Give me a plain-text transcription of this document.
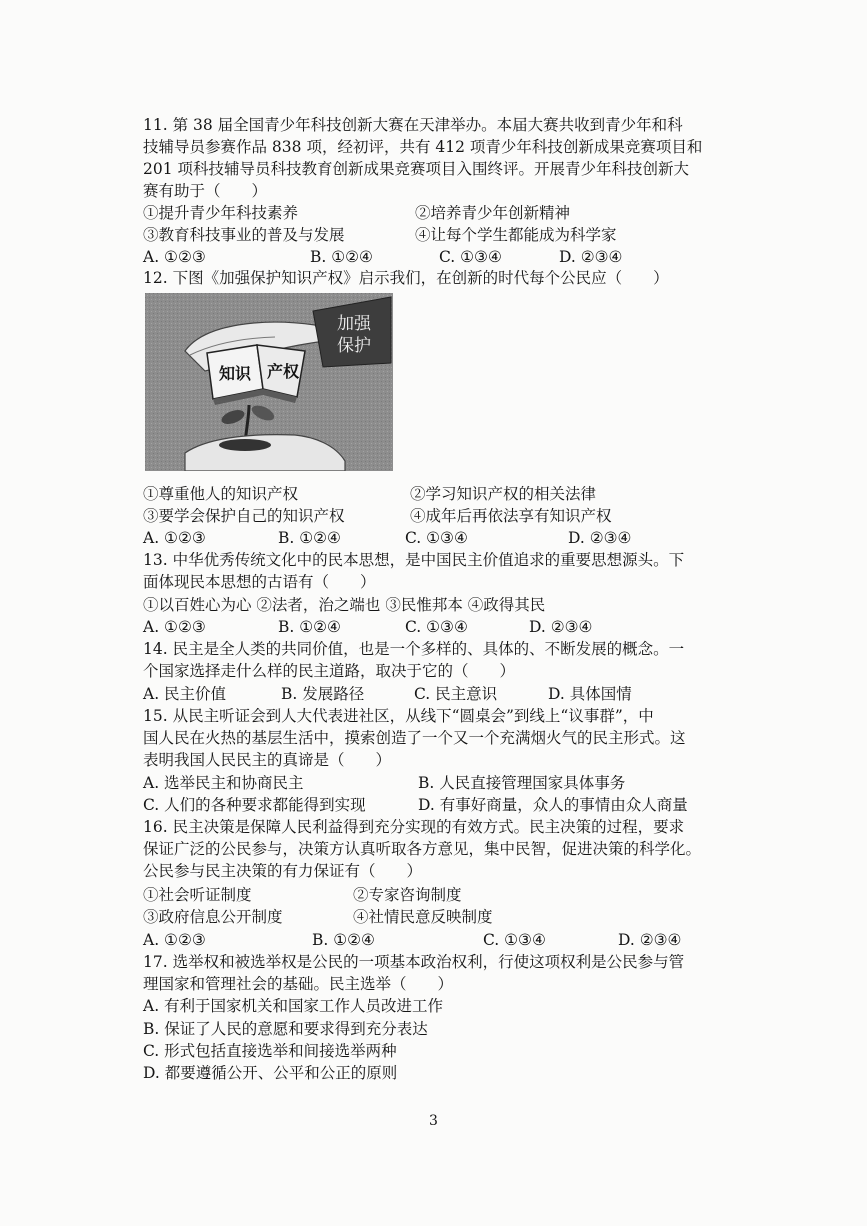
11. 第 38 届全国青少年科技创新大赛在天津举办。本届大赛共收到青少年和科
技辅导员参赛作品 838 项，经初评，共有 412 项青少年科技创新成果竞赛项目和
201 项科技辅导员科技教育创新成果竞赛项目入围终评。开展青少年科技创新大
赛有助于（　　）
①提升青少年科技素养	②培养青少年创新精神
③教育科技事业的普及与发展	④让每个学生都能成为科学家
A. ①②③	B. ①②④	C. ①③④	D. ②③④
12. 下图《加强保护知识产权》启示我们，在创新的时代每个公民应（　　）
加强
保护
知识 产权
①尊重他人的知识产权	②学习知识产权的相关法律
③要学会保护自己的知识产权	④成年后再依法享有知识产权
A. ①②③	B. ①②④	C. ①③④	D. ②③④
13. 中华优秀传统文化中的民本思想，是中国民主价值追求的重要思想源头。下
面体现民本思想的古语有（　　）
①以百姓心为心 ②法者，治之端也 ③民惟邦本 ④政得其民
A. ①②③	B. ①②④	C. ①③④	D. ②③④
14. 民主是全人类的共同价值，也是一个多样的、具体的、不断发展的概念。一
个国家选择走什么样的民主道路，取决于它的（　　）
A. 民主价值	B. 发展路径	C. 民主意识	D. 具体国情
15. 从民主听证会到人大代表进社区，从线下“圆桌会”到线上“议事群”，中
国人民在火热的基层生活中，摸索创造了一个又一个充满烟火气的民主形式。这
表明我国人民民主的真谛是（　　）
A. 选举民主和协商民主	B. 人民直接管理国家具体事务
C. 人们的各种要求都能得到实现	D. 有事好商量，众人的事情由众人商量
16. 民主决策是保障人民利益得到充分实现的有效方式。民主决策的过程，要求
保证广泛的公民参与，决策方认真听取各方意见，集中民智，促进决策的科学化。
公民参与民主决策的有力保证有（　　）
①社会听证制度	②专家咨询制度
③政府信息公开制度	④社情民意反映制度
A. ①②③	B. ①②④	C. ①③④	D. ②③④
17. 选举权和被选举权是公民的一项基本政治权利，行使这项权利是公民参与管
理国家和管理社会的基础。民主选举（　　）
A. 有利于国家机关和国家工作人员改进工作
B. 保证了人民的意愿和要求得到充分表达
C. 形式包括直接选举和间接选举两种
D. 都要遵循公开、公平和公正的原则
3
